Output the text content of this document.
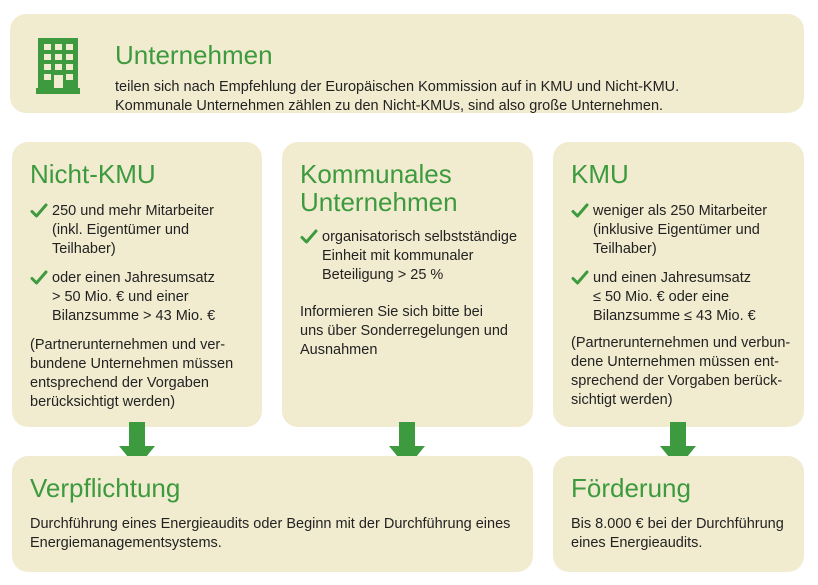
Unternehmen
teilen sich nach Empfehlung der Europäischen Kommission auf in KMU und Nicht-KMU.
Kommunale Unternehmen zählen zu den Nicht-KMUs, sind also große Unternehmen.
Nicht-KMU
250 und mehr Mitarbeiter
(inkl. Eigentümer und Teilhaber)
oder einen Jahresumsatz
> 50 Mio. € und einer
Bilanzsumme > 43 Mio. €
(Partnerunternehmen und ver-
bundene Unternehmen müssen
entsprechend der Vorgaben
berücksichtigt werden)
Kommunales
Unternehmen
organisatorisch selbstständige
Einheit mit kommunaler
Beteiligung > 25 %
Informieren Sie sich bitte bei
uns über Sonderregelungen und
Ausnahmen
KMU
weniger als 250 Mitarbeiter
(inklusive Eigentümer und
Teilhaber)
und einen Jahresumsatz
≤ 50 Mio. € oder eine
Bilanzsumme ≤ 43 Mio. €
(Partnerunternehmen und verbun-
dene Unternehmen müssen ent-
sprechend der Vorgaben berück-
sichtigt werden)
Verpflichtung
Durchführung eines Energieaudits oder Beginn mit der Durchführung eines
Energiemanagementsystems.
Förderung
Bis 8.000 € bei der Durchführung
eines Energieaudits.
